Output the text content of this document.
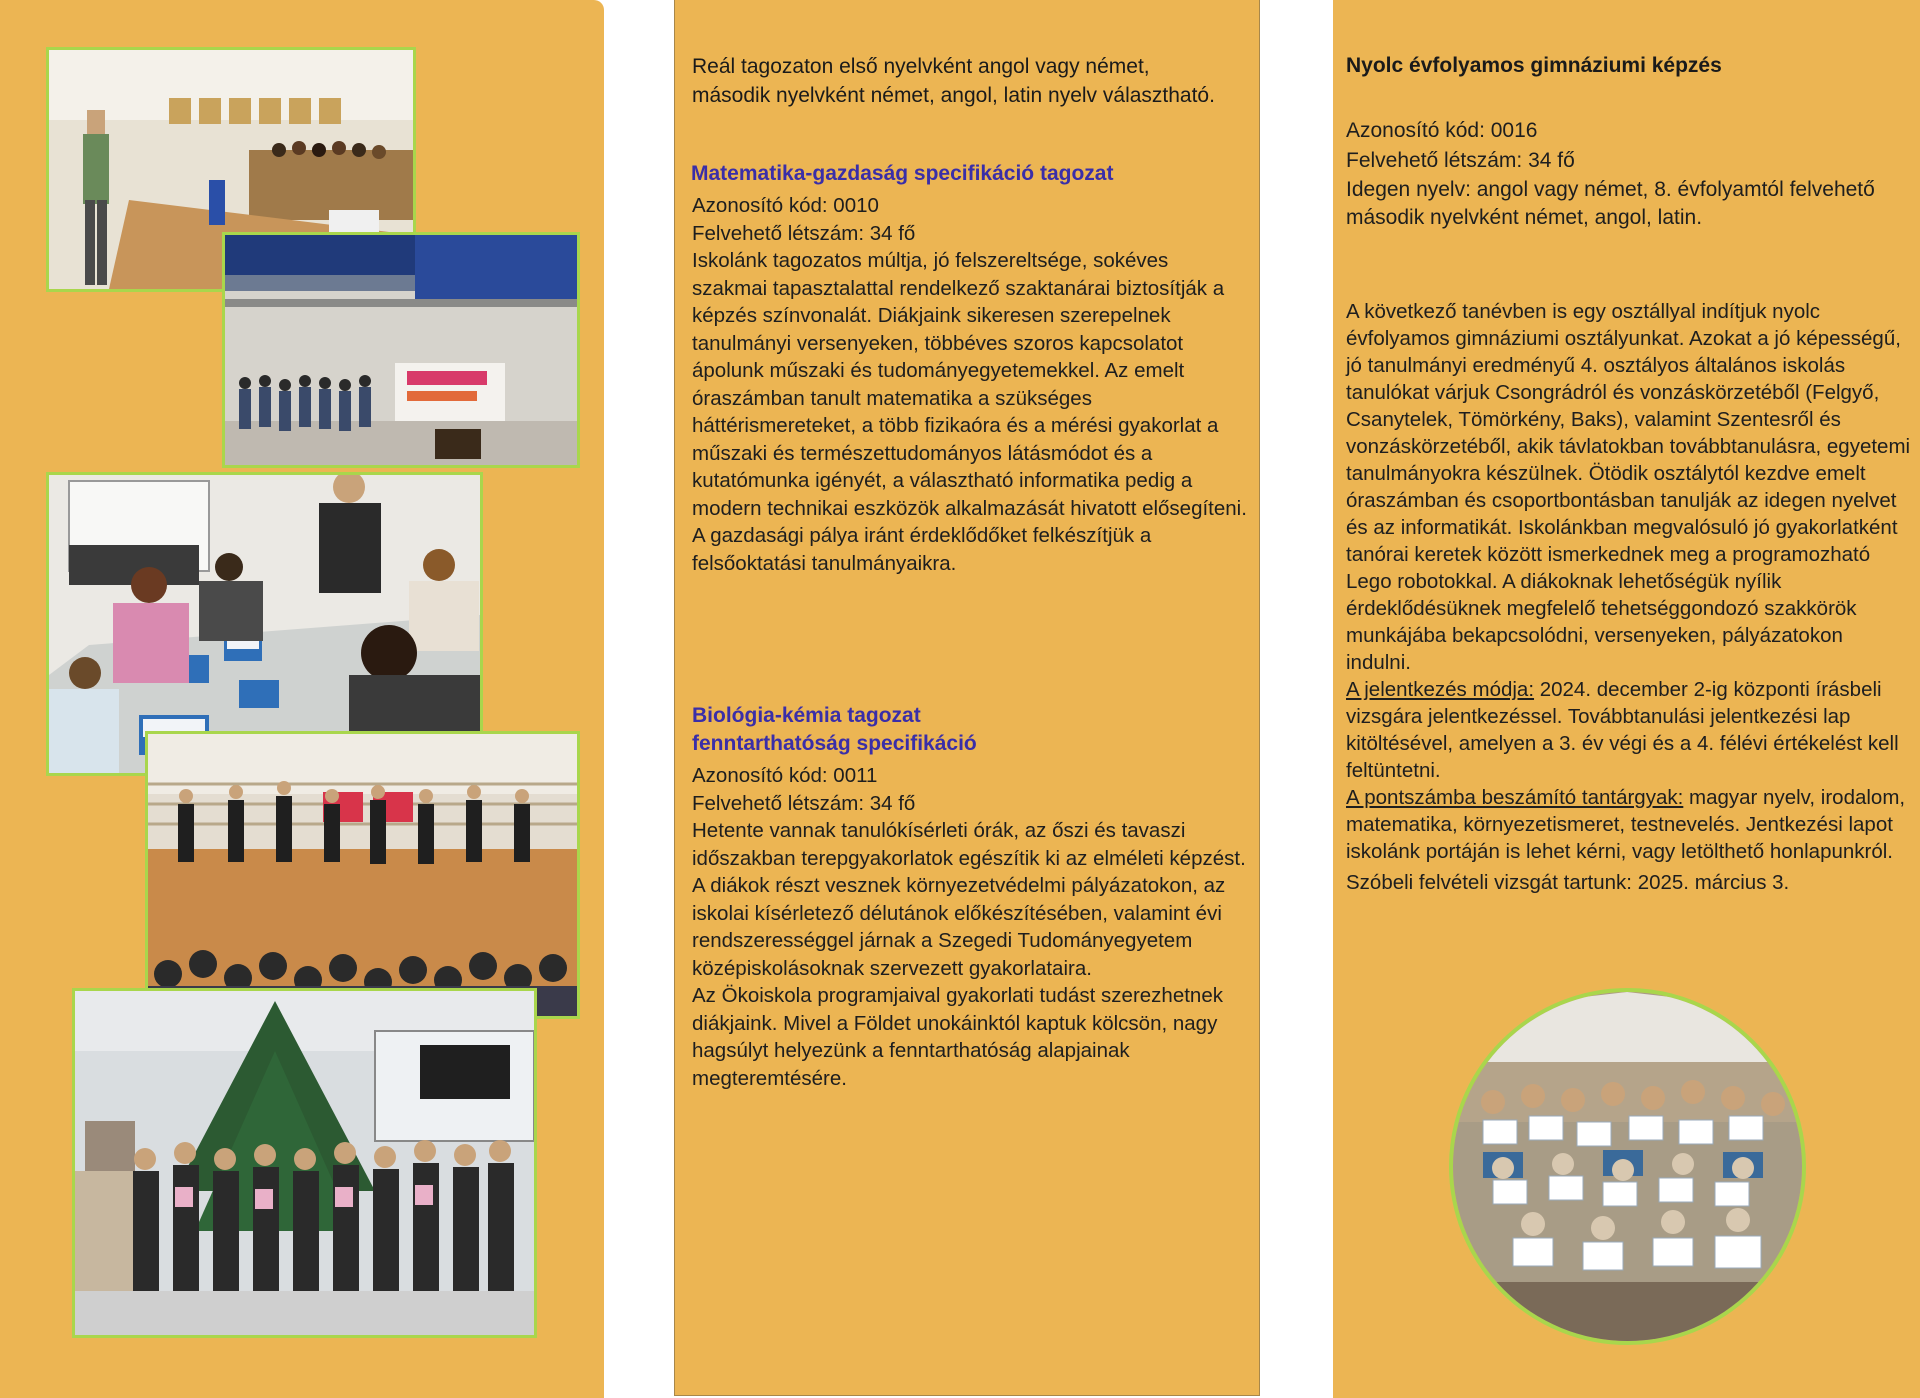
Reál tagozaton első nyelvként angol vagy német, második nyelvként német, angol, latin nyelv választható.

Matematika-gazdaság specifikáció tagozat

Azonosító kód: 0010

Felvehető létszám: 34 fő

Iskolánk tagozatos múltja, jó felszereltsége, sokéves szakmai tapasztalattal rendelkező szaktanárai biztosítják a képzés színvonalát. Diákjaink sikeresen szerepelnek tanulmányi versenyeken, többéves szoros kapcsolatot ápolunk műszaki és tudományegyetemekkel. Az emelt óraszámban tanult matematika a szükséges háttérismereteket, a több fizikaóra és a mérési gyakorlat a műszaki és természettudományos látásmódot és a kutatómunka igényét, a választható informatika pedig a modern technikai eszközök alkalmazását hivatott elősegíteni.

A gazdasági pálya iránt érdeklődőket felkészítjük a felsőoktatási tanulmányaikra.

Biológia-kémia tagozat
fenntarthatóság specifikáció

Azonosító kód: 0011

Felvehető létszám: 34 fő

Hetente vannak tanulókísérleti órák, az őszi és tavaszi időszakban terepgyakorlatok egészítik ki az elméleti képzést. A diákok részt vesznek környezetvédelmi pályázatokon, az iskolai kísérletező délutánok előkészítésében, valamint évi rendszerességgel járnak a Szegedi Tudományegyetem középiskolásoknak szervezett gyakorlataira.

Az Ökoiskola programjaival gyakorlati tudást szerezhetnek diákjaink. Mivel a Földet unokáinktól kaptuk kölcsön, nagy hagsúlyt helyezünk a fenntarthatóság alapjainak megteremtésére.

Nyolc évfolyamos gimnáziumi képzés

Azonosító kód: 0016

Felvehető létszám: 34 fő

Idegen nyelv: angol vagy német, 8. évfolyamtól felvehető második nyelvként német, angol, latin.

A következő tanévben is egy osztállyal indítjuk nyolc évfolyamos gimnáziumi osztályunkat. Azokat a jó képességű, jó tanulmányi eredményű 4. osztályos általános iskolás tanulókat várjuk Csongrádról és vonzáskörzetéből (Felgyő, Csanytelek, Tömörkény, Baks), valamint Szentesről és vonzáskörzetéből, akik távlatokban továbbtanulásra, egyetemi tanulmányokra készülnek. Ötödik osztálytól kezdve emelt óraszámban és csoportbontásban tanulják az idegen nyelvet és az informatikát. Iskolánkban megvalósuló jó gyakorlatként tanórai keretek között ismerkednek meg a programozható Lego robotokkal. A diákoknak lehetőségük nyílik érdeklődésüknek megfelelő tehetséggondozó szakkörök munkájába bekapcsolódni, versenyeken, pályázatokon indulni.

A jelentkezés módja: 2024. december 2-ig központi írásbeli vizsgára jelentkezéssel. Továbbtanulási jelentkezési lap kitöltésével, amelyen a 3. év végi és a 4. félévi értékelést kell feltüntetni.

A pontszámba beszámító tantárgyak: magyar nyelv, irodalom, matematika, környezetismeret, testnevelés. Jentkezési lapot iskolánk portáján is lehet kérni, vagy letölthető honlapunkról.

Szóbeli felvételi vizsgát tartunk: 2025. március 3.
